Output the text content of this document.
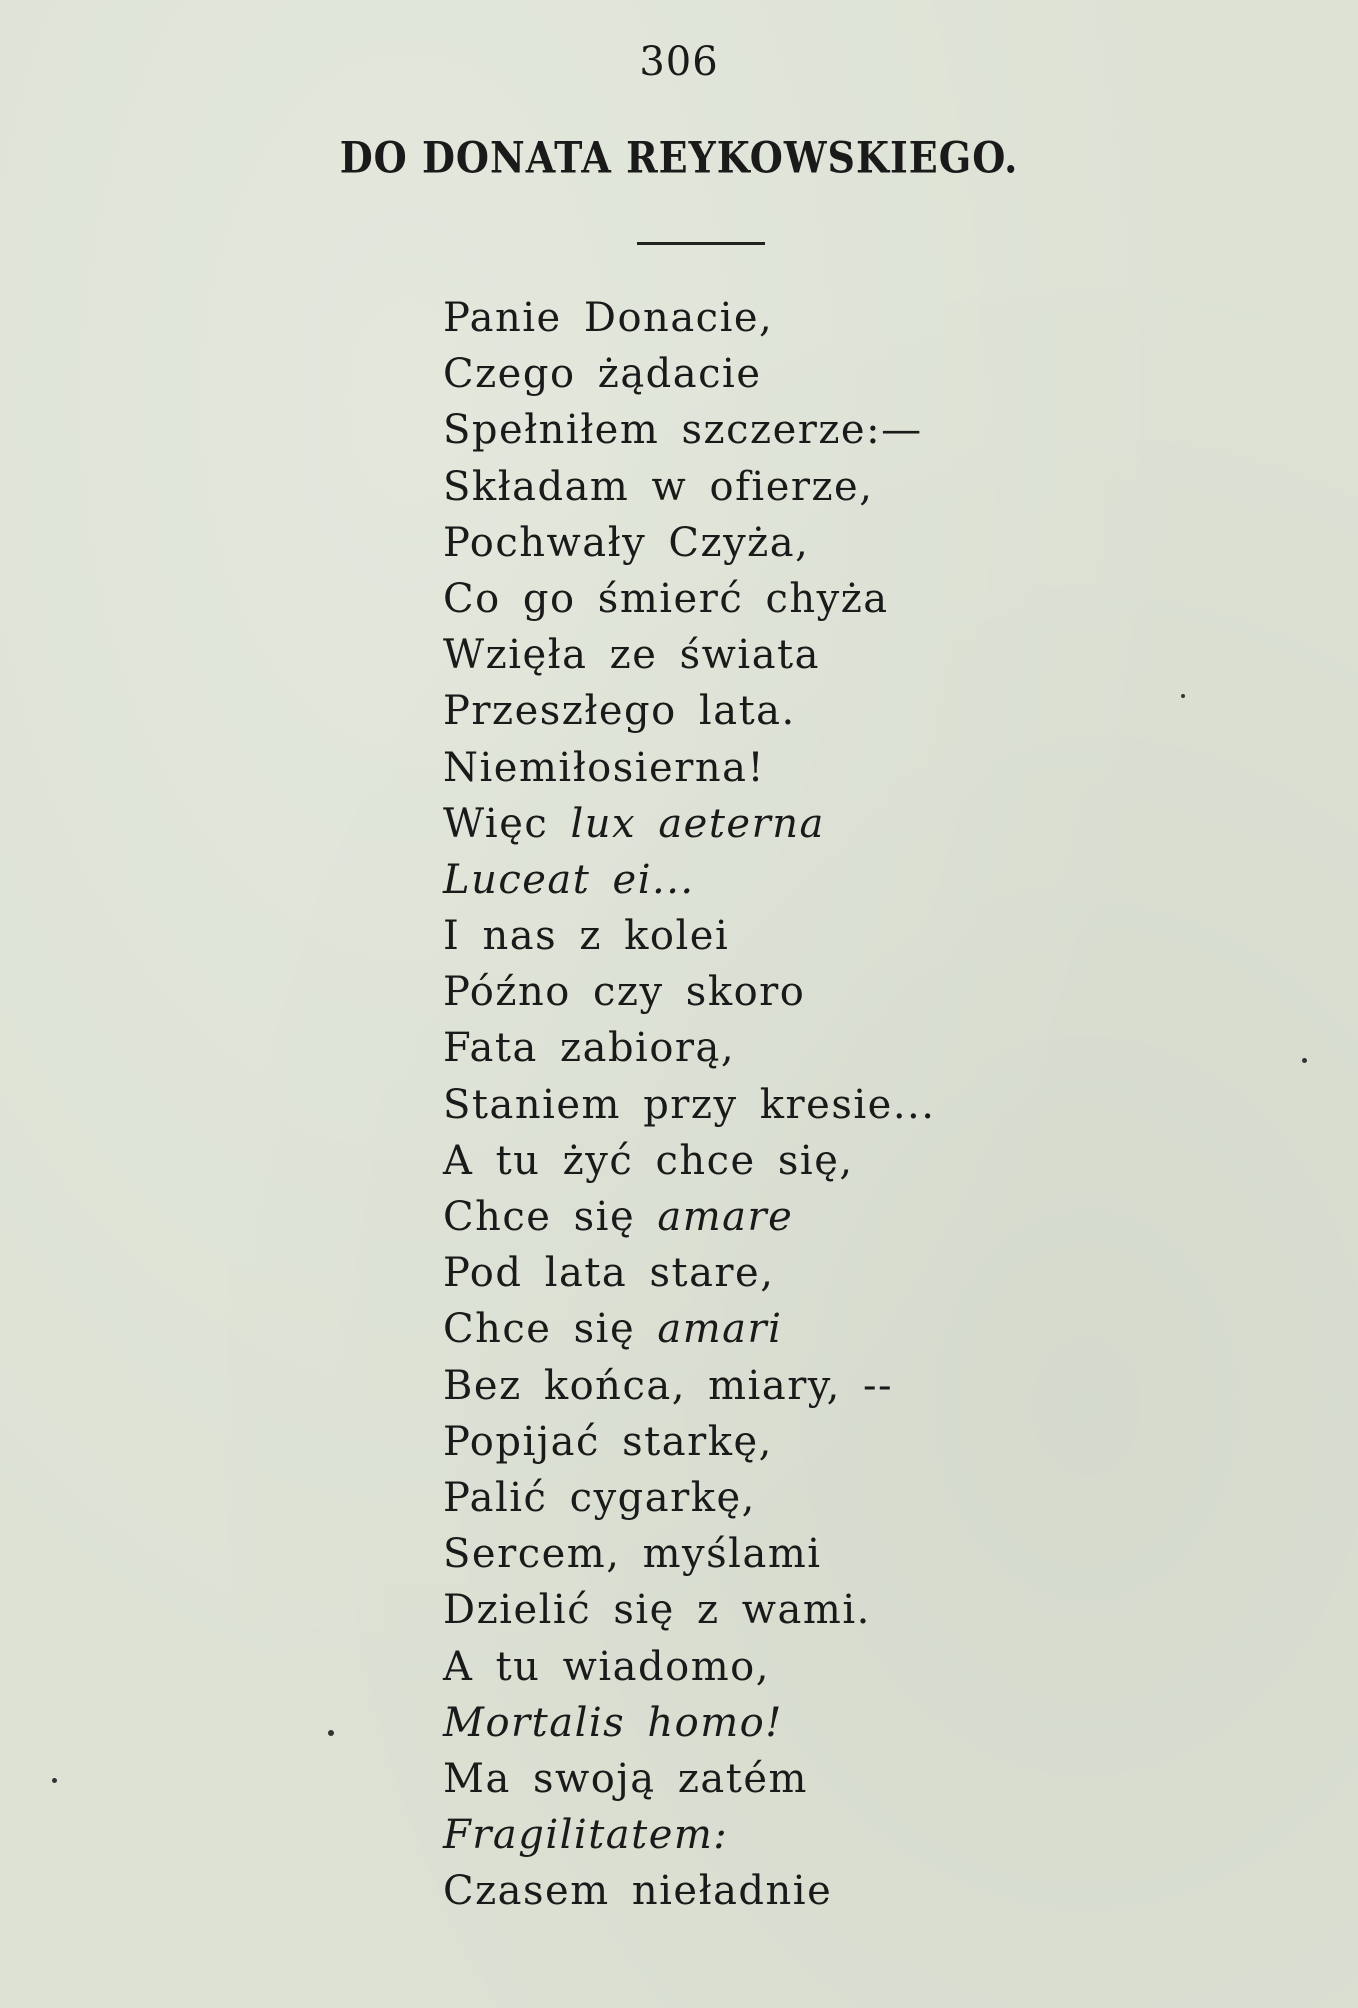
306
DO DONATA REYKOWSKIEGO.
Panie Donacie,
Czego żądacie
Spełniłem szczerze:—
Składam w ofierze,
Pochwały Czyża,
Co go śmierć chyża
Wzięła ze świata
Przeszłego lata.
Niemiłosierna!
Więc lux aeterna
Luceat ei...
I nas z kolei
Późno czy skoro
Fata zabiorą,
Staniem przy kresie...
A tu żyć chce się,
Chce się amare
Pod lata stare,
Chce się amari
Bez końca, miary, --
Popijać starkę,
Palić cygarkę,
Sercem, myślami
Dzielić się z wami.
A tu wiadomo,
Mortalis homo!
Ma swoją zatém
Fragilitatem:
Czasem niеładnie
